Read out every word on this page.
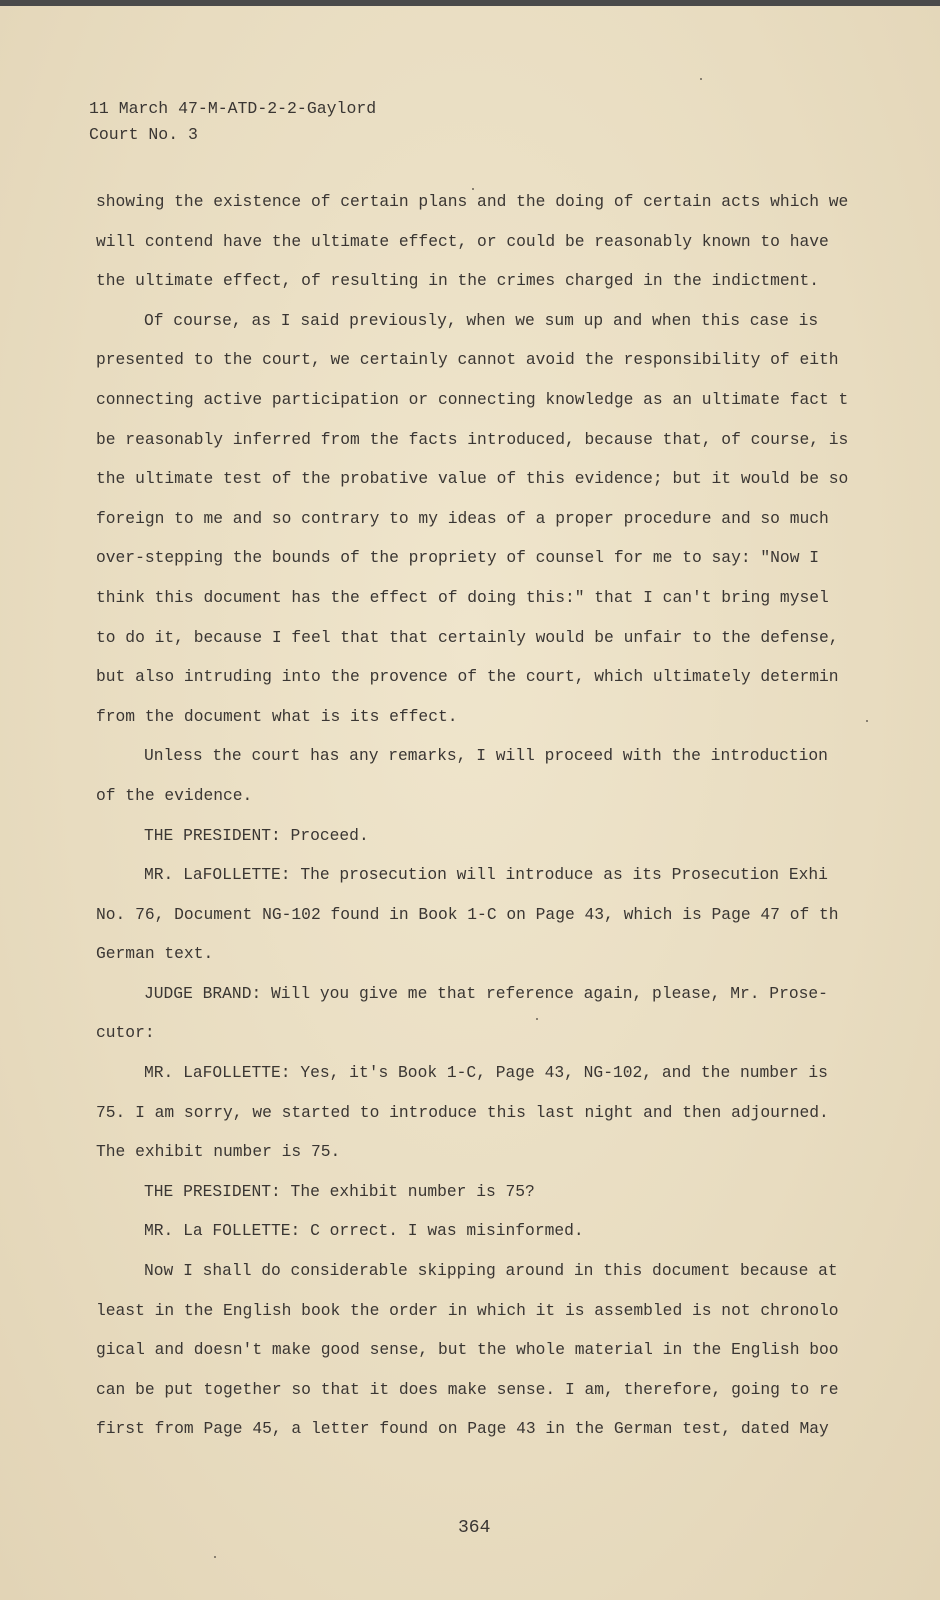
11 March 47-M-ATD-2-2-Gaylord
Court No. 3
showing the existence of certain plans and the doing of certain acts which we
will contend have the ultimate effect, or could be reasonably known to have
the ultimate effect, of resulting in the crimes charged in the indictment.
Of course, as I said previously, when we sum up and when this case is
presented to the court, we certainly cannot avoid the responsibility of eith
connecting active participation or connecting knowledge as an ultimate fact t
be reasonably inferred from the facts introduced, because that, of course, is
the ultimate test of the probative value of this evidence; but it would be so
foreign to me and so contrary to my ideas of a proper procedure and so much
over-stepping the bounds of the propriety of counsel for me to say: "Now I
think this document has the effect of doing this:" that I can't bring mysel
to do it, because I feel that that certainly would be unfair to the defense,
but also intruding into the provence of the court, which ultimately determin
from the document what is its effect.
Unless the court has any remarks, I will proceed with the introduction
of the evidence.
THE PRESIDENT: Proceed.
MR. LaFOLLETTE: The prosecution will introduce as its Prosecution Exhi
No. 76, Document NG-102 found in Book 1-C on Page 43, which is Page 47 of th
German text.
JUDGE BRAND: Will you give me that reference again, please, Mr. Prose-
cutor:
MR. LaFOLLETTE: Yes, it's Book 1-C, Page 43, NG-102, and the number is
75. I am sorry, we started to introduce this last night and then adjourned.
The exhibit number is 75.
THE PRESIDENT: The exhibit number is 75?
MR. La FOLLETTE: C orrect. I was misinformed.
Now I shall do considerable skipping around in this document because at
least in the English book the order in which it is assembled is not chronolo
gical and doesn't make good sense, but the whole material in the English boo
can be put together so that it does make sense. I am, therefore, going to re
first from Page 45, a letter found on Page 43 in the German test, dated May
364
